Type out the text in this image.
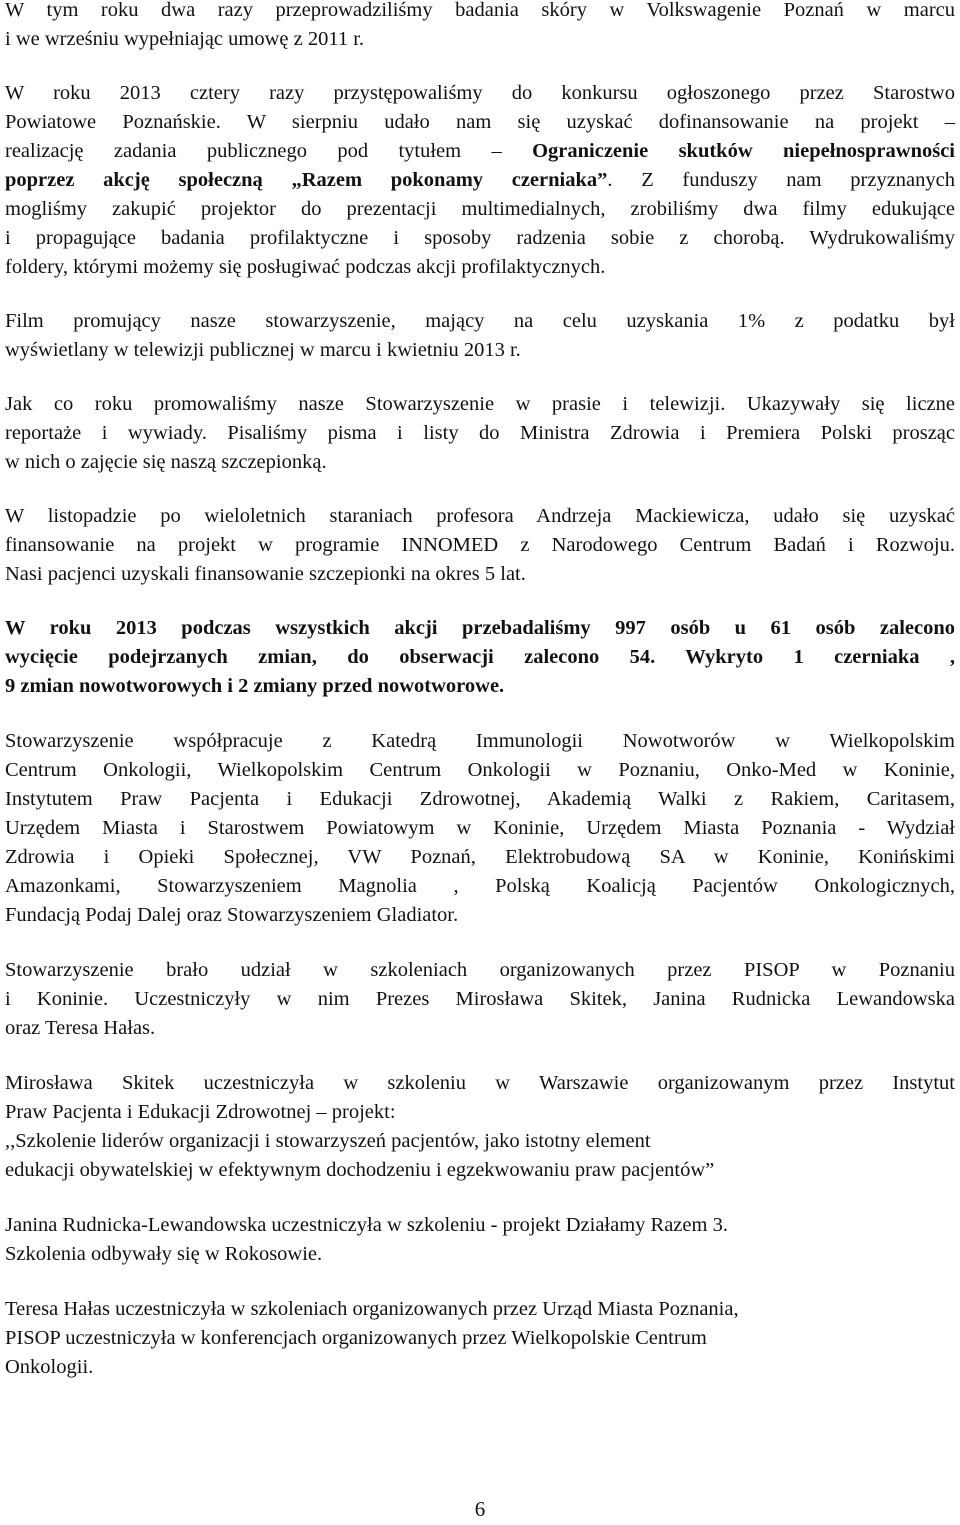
W tym roku dwa razy przeprowadziliśmy badania skóry w Volkswagenie Poznań w marcu
i we wrześniu wypełniając umowę z 2011 r.

W roku 2013 cztery razy przystępowaliśmy do konkursu ogłoszonego przez Starostwo
Powiatowe Poznańskie. W sierpniu udało nam się uzyskać dofinansowanie na projekt –
realizację zadania publicznego pod tytułem – Ograniczenie skutków niepełnosprawności
poprzez akcję społeczną „Razem pokonamy czerniaka”. Z funduszy nam przyznanych
mogliśmy zakupić projektor do prezentacji multimedialnych, zrobiliśmy dwa filmy edukujące
i propagujące badania profilaktyczne i sposoby radzenia sobie z chorobą. Wydrukowaliśmy
foldery, którymi możemy się posługiwać podczas akcji profilaktycznych.

Film promujący nasze stowarzyszenie, mający na celu uzyskania 1% z podatku był
wyświetlany w telewizji publicznej w marcu i kwietniu 2013 r.

Jak co roku promowaliśmy nasze Stowarzyszenie w prasie i telewizji. Ukazywały się liczne
reportaże i wywiady. Pisaliśmy pisma i listy do Ministra Zdrowia i Premiera Polski prosząc
w nich o zajęcie się naszą szczepionką.

W listopadzie po wieloletnich staraniach profesora Andrzeja Mackiewicza, udało się uzyskać
finansowanie na projekt w programie INNOMED z Narodowego Centrum Badań i Rozwoju.
Nasi pacjenci uzyskali finansowanie szczepionki na okres 5 lat.

W roku 2013 podczas wszystkich akcji przebadaliśmy 997 osób u 61 osób zalecono
wycięcie podejrzanych zmian, do obserwacji zalecono 54. Wykryto 1 czerniaka ,
9 zmian nowotworowych i 2 zmiany przed nowotworowe.

Stowarzyszenie współpracuje z Katedrą Immunologii Nowotworów w Wielkopolskim
Centrum Onkologii, Wielkopolskim Centrum Onkologii w Poznaniu, Onko-Med w Koninie,
Instytutem Praw Pacjenta i Edukacji Zdrowotnej, Akademią Walki z Rakiem, Caritasem,
Urzędem Miasta i Starostwem Powiatowym w Koninie, Urzędem Miasta Poznania - Wydział
Zdrowia i Opieki Społecznej, VW Poznań, Elektrobudową SA w Koninie, Konińskimi
Amazonkami, Stowarzyszeniem Magnolia , Polską Koalicją Pacjentów Onkologicznych,
Fundacją Podaj Dalej oraz Stowarzyszeniem Gladiator.

Stowarzyszenie brało udział w szkoleniach organizowanych przez PISOP w Poznaniu
i Koninie. Uczestniczyły w nim Prezes Mirosława Skitek, Janina Rudnicka Lewandowska
oraz Teresa Hałas.

Mirosława Skitek uczestniczyła w szkoleniu w Warszawie organizowanym przez Instytut
Praw Pacjenta i Edukacji Zdrowotnej – projekt:
,,Szkolenie liderów organizacji i stowarzyszeń pacjentów, jako istotny element
edukacji obywatelskiej w efektywnym dochodzeniu i egzekwowaniu praw pacjentów”

Janina Rudnicka-Lewandowska uczestniczyła w szkoleniu - projekt Działamy Razem 3.
Szkolenia odbywały się w Rokosowie.

Teresa Hałas uczestniczyła w szkoleniach organizowanych przez Urząd Miasta Poznania,
PISOP uczestniczyła w konferencjach organizowanych przez Wielkopolskie Centrum
Onkologii.

6
